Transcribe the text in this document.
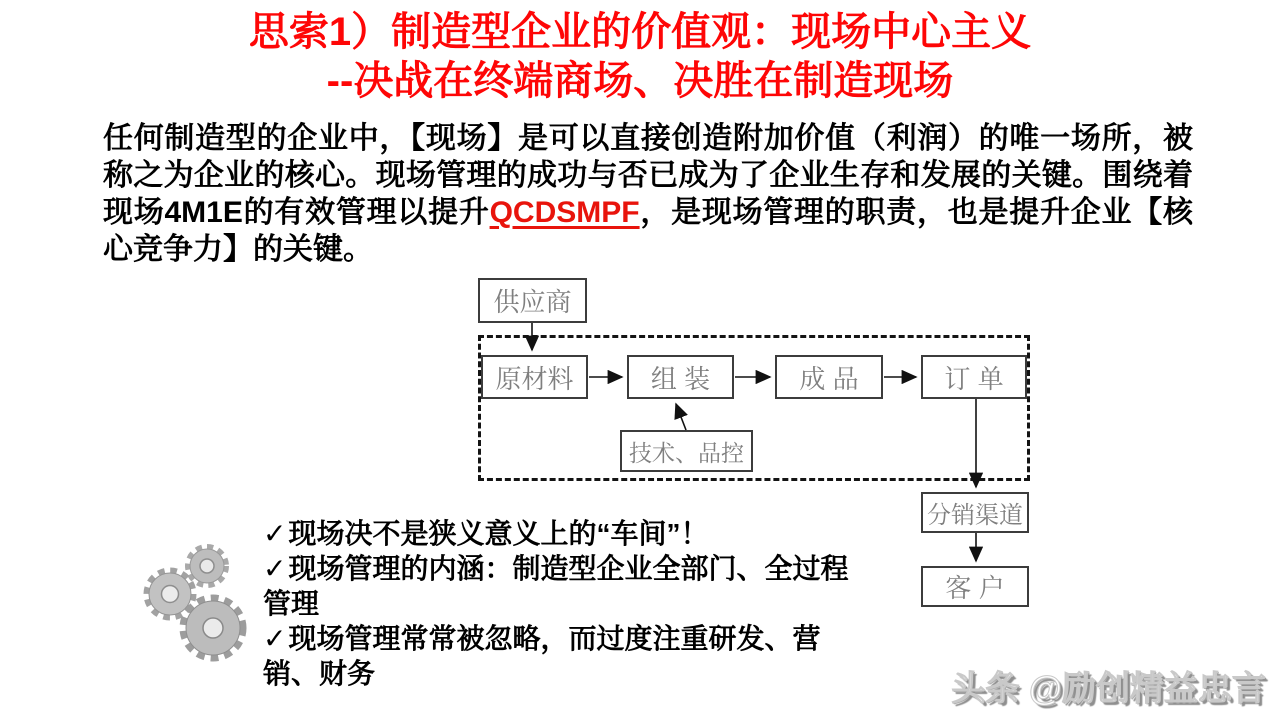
思索1）制造型企业的价值观：现场中心主义
--决战在终端商场、决胜在制造现场
任何制造型的企业中，【现场】是可以直接创造附加价值（利润）的唯一场所，被称之为企业的核心。现场管理的成功与否已成为了企业生存和发展的关键。围绕着现场4M1E的有效管理以提升QCDSMPF，是现场管理的职责，也是提升企业【核心竞争力】的关键。
供应商
原材料	组 装	成 品	订 单
技术、品控
分销渠道
客 户
✓现场决不是狭义意义上的“车间”！
✓现场管理的内涵：制造型企业全部门、全过程管理
✓现场管理常常被忽略，而过度注重研发、营销、财务	头条 @励创精益忠言
